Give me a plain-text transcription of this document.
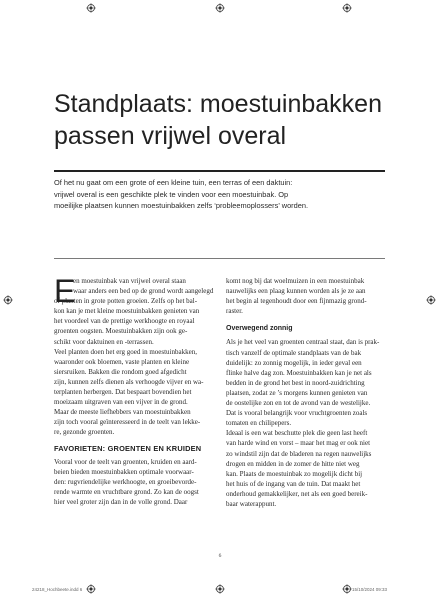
Standplaats: moestuinbakken
passen vrijwel overal

Of het nu gaat om een grote of een kleine tuin, een terras of een daktuin:
vrijwel overal is een geschikte plek te vinden voor een moestuinbak. Op
moeilijke plaatsen kunnen moestuinbakken zelfs ‘probleemoplossers’ worden.

E
en moestuinbak van vrijwel overal staan
waar anders een bed op de grond wordt aangelegd
of planten in grote potten groeien. Zelfs op het bal-
kon kan je met kleine moestuinbakken genieten van
het voordeel van de prettige werkhoogte en royaal
groenten oogsten. Moestuinbakken zijn ook ge-
schikt voor daktuinen en -terrassen.
Veel planten doen het erg goed in moestuinbakken,
waaronder ook bloemen, vaste planten en kleine
siersruiken. Bakken die rondom goed afgedicht
zijn, kunnen zelfs dienen als verhoogde vijver en wa-
terplanten herbergen. Dat bespaart bovendien het
moeizaam uitgraven van een vijver in de grond.
Maar de meeste liefhebbers van moestuinbakken
zijn toch vooral geïnteresseerd in de teelt van lekke-
re, gezonde groenten.
FAVORIETEN: GROENTEN EN KRUIDEN
Vooral voor de teelt van groenten, kruiden en aard-
beien bieden moestuinbakken optimale voorwaar-
den: rugvriendelijke werkhoogte, en groeibevorde-
rende warmte en vruchtbare grond. Zo kan de oogst
hier veel groter zijn dan in de volle grond. Daar
komt nog bij dat woelmuizen in een moestuinbak
nauwelijks een plaag kunnen worden als je ze aan
het begin al tegenhoudt door een fijnmazig grond-
raster.
Overwegend zonnig
Als je het veel van groenten centraal staat, dan is prak-
tisch vanzelf de optimale standplaats van de bak
duidelijk: zo zonnig mogelijk, in ieder geval een
flinke halve dag zon. Moestuinbakken kan je net als
bedden in de grond het best in noord-zuidrichting
plaatsen, zodat ze ’s morgens kunnen genieten van
de oostelijke zon en tot de avond van de westelijke.
Dat is vooral belangrijk voor vruchtgroenten zoals
tomaten en chilipepers.
Ideaal is een wat beschutte plek die geen last heeft
van harde wind en vorst – maar het mag er ook niet
zo windstil zijn dat de bladeren na regen nauwelijks
drogen en midden in de zomer de hitte niet weg
kan. Plaats de moestuinbak zo mogelijk dicht bij
het huis of de ingang van de tuin. Dat maakt het
onderhoud gemakkelijker, net als een goed bereik-
baar waterappunt.
6
24218_Hochbeete.indd 6	15/10/2024 09:33
